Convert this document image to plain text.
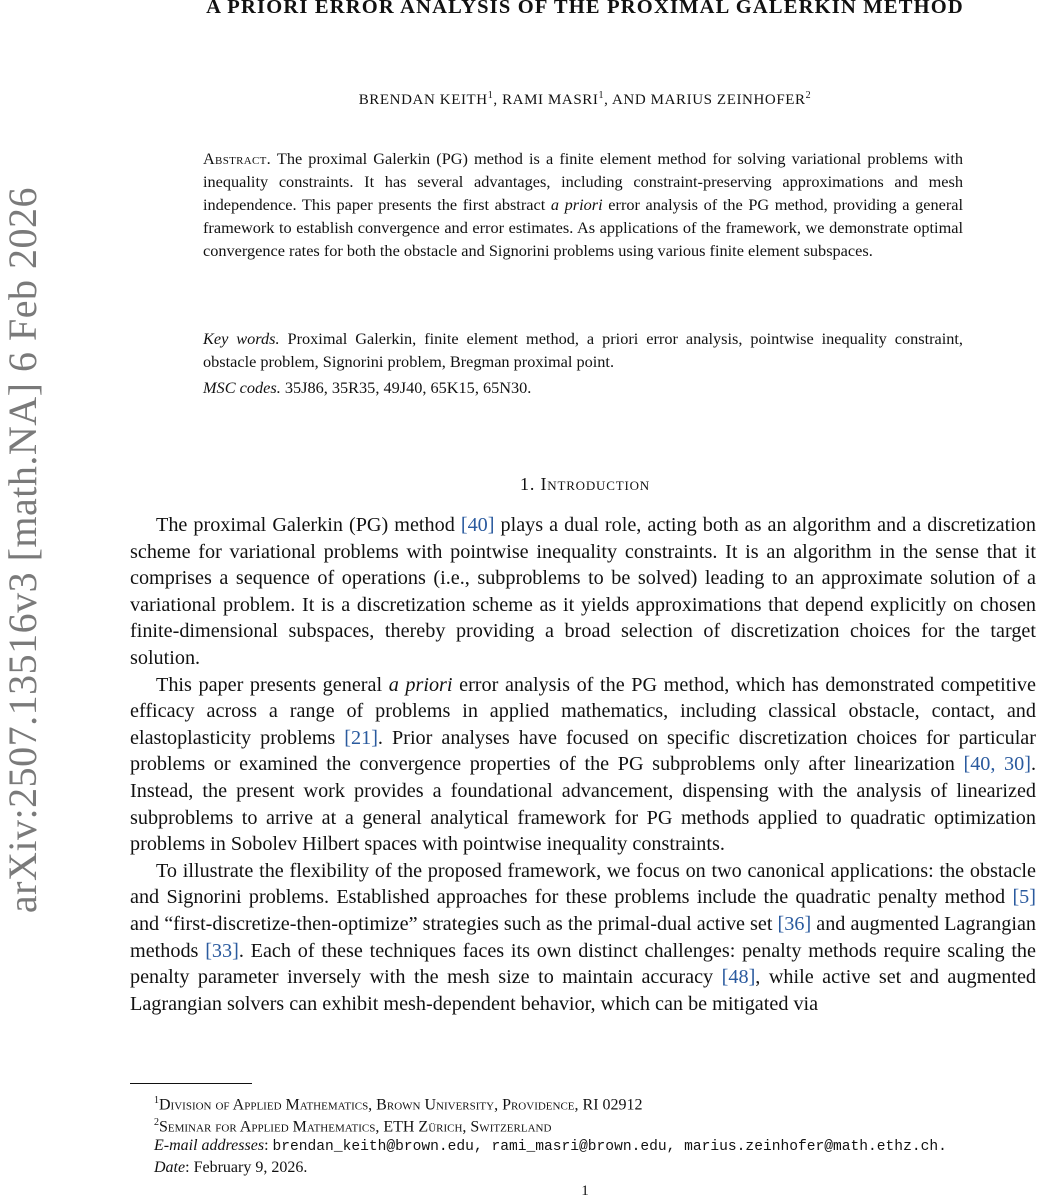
arXiv:2507.13516v3 [math.NA] 6 Feb 2026
A PRIORI ERROR ANALYSIS OF THE PROXIMAL GALERKIN METHOD
BRENDAN KEITH$^1$, RAMI MASRI$^1$, AND MARIUS ZEINHOFER$^2$

Abstract. The proximal Galerkin (PG) method is a finite element method for solving variational problems with inequality constraints. It has several advantages, including constraint-preserving approximations and mesh independence. This paper presents the first abstract a priori error analysis of the PG method, providing a general framework to establish convergence and error estimates. As applications of the framework, we demonstrate optimal convergence rates for both the obstacle and Signorini problems using various finite element subspaces.

Key words. Proximal Galerkin, finite element method, a priori error analysis, pointwise inequality constraint, obstacle problem, Signorini problem, Bregman proximal point.
MSC codes. 35J86, 35R35, 49J40, 65K15, 65N30.
1. Introduction

The proximal Galerkin (PG) method [40] plays a dual role, acting both as an algorithm and a discretization scheme for variational problems with pointwise inequality constraints. It is an algorithm in the sense that it comprises a sequence of operations (i.e., subproblems to be solved) leading to an approximate solution of a variational problem. It is a discretization scheme as it yields approximations that depend explicitly on chosen finite-dimensional subspaces, thereby providing a broad selection of discretization choices for the target solution.

This paper presents general a priori error analysis of the PG method, which has demonstrated competitive efficacy across a range of problems in applied mathematics, including classical obstacle, contact, and elastoplasticity problems [21]. Prior analyses have focused on specific discretization choices for particular problems or examined the convergence properties of the PG subproblems only after linearization [40, 30]. Instead, the present work provides a foundational advancement, dispensing with the analysis of linearized subproblems to arrive at a general analytical framework for PG methods applied to quadratic optimization problems in Sobolev Hilbert spaces with pointwise inequality constraints.

To illustrate the flexibility of the proposed framework, we focus on two canonical applications: the obstacle and Signorini problems. Established approaches for these problems include the quadratic penalty method [5] and “first-discretize-then-optimize” strategies such as the primal-dual active set [36] and augmented Lagrangian methods [33]. Each of these techniques faces its own distinct challenges: penalty methods require scaling the penalty parameter inversely with the mesh size to maintain accuracy [48], while active set and augmented Lagrangian solvers can exhibit mesh-dependent behavior, which can be mitigated via

$^1$Division of Applied Mathematics, Brown University, Providence, RI 02912
$^2$Seminar for Applied Mathematics, ETH Zürich, Switzerland
E-mail addresses: brendan_keith@brown.edu, rami_masri@brown.edu, marius.zeinhofer@math.ethz.ch.
Date: February 9, 2026.
1
